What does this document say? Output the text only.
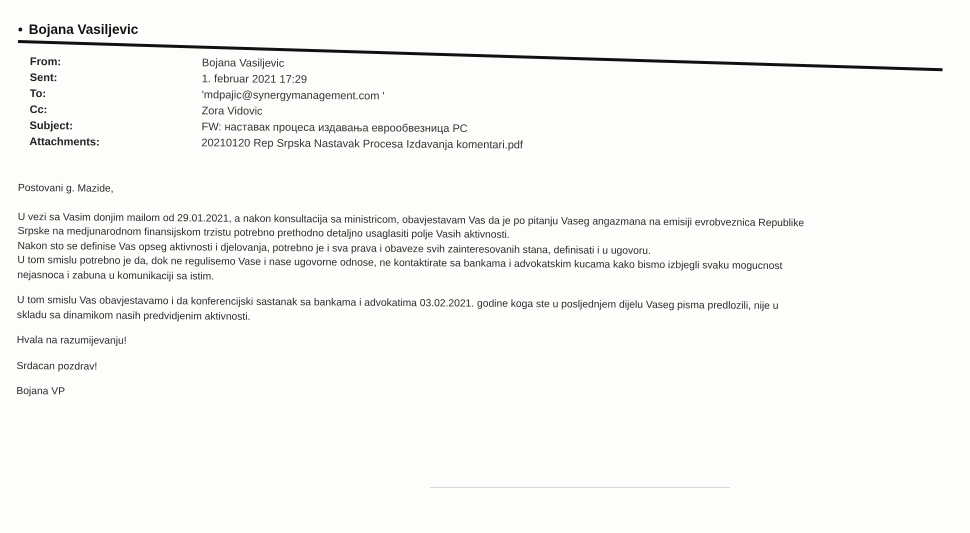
• Bojana Vasiljevic
From:	Bojana Vasiljevic
Sent:	1. februar 2021 17:29
To:	'mdpajic@synergymanagement.com '
Cc:	Zora Vidovic
Subject:	FW: наставак процеса издавања еврообвезница РС
Attachments:	20210120 Rep Srpska Nastavak Procesa Izdavanja komentari.pdf

Postovani g. Mazide,

U vezi sa Vasim donjim mailom od 29.01.2021, a nakon konsultacija sa ministricom, obavjestavam Vas da je po pitanju Vaseg angazmana na emisiji evrobveznica Republike

Srpske na medjunarodnom finansijskom trzistu potrebno prethodno detaljno usaglasiti polje Vasih aktivnosti.

Nakon sto se definise Vas opseg aktivnosti i djelovanja, potrebno je i sva prava i obaveze svih zainteresovanih stana, definisati i u ugovoru.

U tom smislu potrebno je da, dok ne regulisemo Vase i nase ugovorne odnose, ne kontaktirate sa bankama i advokatskim kucama kako bismo izbjegli svaku mogucnost

nejasnoca i zabuna u komunikaciji sa istim.

U tom smislu Vas obavjestavamo i da konferencijski sastanak sa bankama i advokatima 03.02.2021. godine koga ste u posljednjem dijelu Vaseg pisma predlozili, nije u

skladu sa dinamikom nasih predvidjenim aktivnosti.

Hvala na razumijevanju!

Srdacan pozdrav!

Bojana VP
